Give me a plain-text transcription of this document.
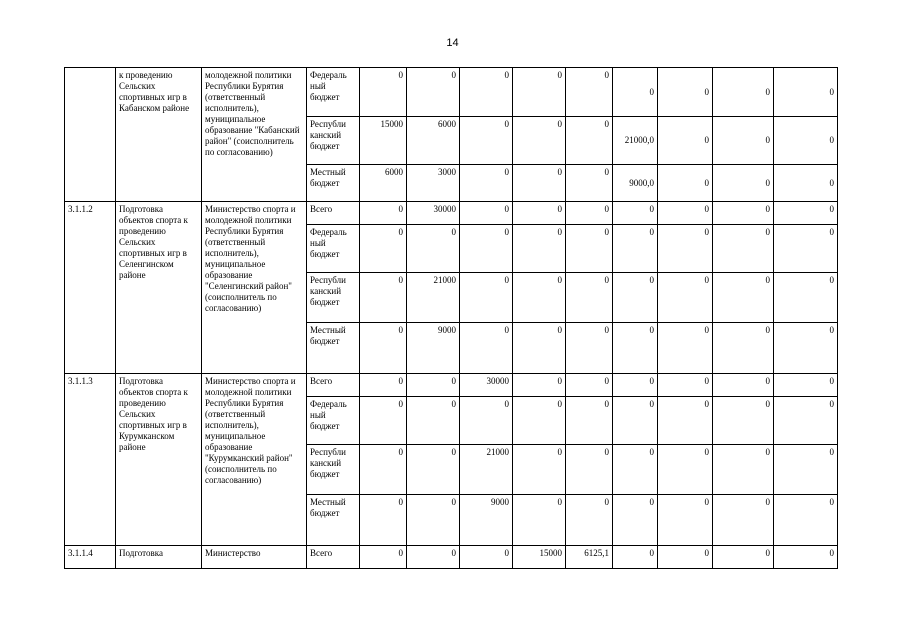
14
	к проведению Сельских спортивных игр в Кабанском районе	молодежной политики Республики Бурятия (ответственный исполнитель), муниципальное образование "Кабанский район" (соисполнитель по согласованию)	Федераль ный бюджет	0	0	0	0	0	0	0	0	0
			Республи канский бюджет	15000	6000	0	0	0	21000,0	0	0	0
			Местный бюджет	6000	3000	0	0	0	9000,0	0	0	0
3.1.1.2	Подготовка объектов спорта к проведению Сельских спортивных игр в Селенгинском районе	Министерство спорта и молодежной политики Республики Бурятия (ответственный исполнитель), муниципальное образование "Селенгинский район" (соисполнитель по согласованию)	Всего	0	30000	0	0	0	0	0	0	0
			Федераль ный бюджет	0	0	0	0	0	0	0	0	0
			Республи канский бюджет	0	21000	0	0	0	0	0	0	0
			Местный бюджет	0	9000	0	0	0	0	0	0	0
3.1.1.3	Подготовка объектов спорта к проведению Сельских спортивных игр в Курумканском районе	Министерство спорта и молодежной политики Республики Бурятия (ответственный исполнитель), муниципальное образование "Курумканский район" (соисполнитель по согласованию)	Всего	0	0	30000	0	0	0	0	0	0
			Федераль ный бюджет	0	0	0	0	0	0	0	0	0
			Республи канский бюджет	0	0	21000	0	0	0	0	0	0
			Местный бюджет	0	0	9000	0	0	0	0	0	0
3.1.1.4	Подготовка	Министерство	Всего	0	0	0	15000	6125,1	0	0	0	0
